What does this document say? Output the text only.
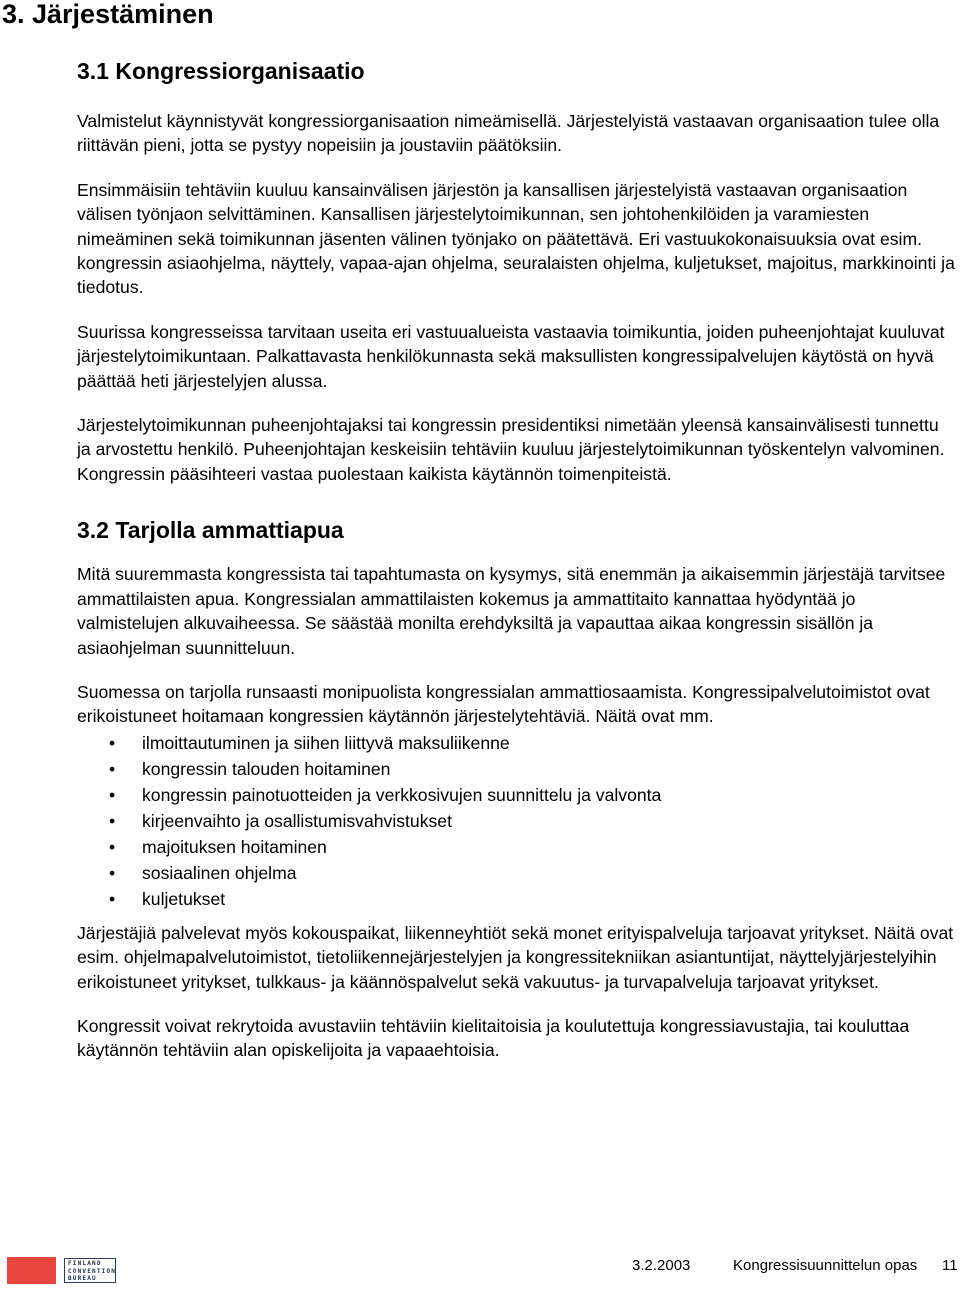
3. Järjestäminen
3.1 Kongressiorganisaatio

Valmistelut käynnistyvät kongressiorganisaation nimeämisellä. Järjestelyistä vastaavan organisaation tulee olla riittävän pieni, jotta se pystyy nopeisiin ja joustaviin päätöksiin.

Ensimmäisiin tehtäviin kuuluu kansainvälisen järjestön ja kansallisen järjestelyistä vastaavan organisaation välisen työnjaon selvittäminen. Kansallisen järjestelytoimikunnan, sen johtohenkilöiden ja varamiesten nimeäminen sekä toimikunnan jäsenten välinen työnjako on päätettävä. Eri vastuukokonaisuuksia ovat esim. kongressin asiaohjelma, näyttely, vapaa-ajan ohjelma, seuralaisten ohjelma, kuljetukset, majoitus, markkinointi ja tiedotus.

Suurissa kongresseissa tarvitaan useita eri vastuualueista vastaavia toimikuntia, joiden puheenjohtajat kuuluvat järjestelytoimikuntaan. Palkattavasta henkilökunnasta sekä maksullisten kongressipalvelujen käytöstä on hyvä päättää heti järjestelyjen alussa.

Järjestelytoimikunnan puheenjohtajaksi tai kongressin presidentiksi nimetään yleensä kansainvälisesti tunnettu ja arvostettu henkilö. Puheenjohtajan keskeisiin tehtäviin kuuluu järjestelytoimikunnan työskentelyn valvominen. Kongressin pääsihteeri vastaa puolestaan kaikista käytännön toimenpiteistä.

3.2 Tarjolla ammattiapua

Mitä suuremmasta kongressista tai tapahtumasta on kysymys, sitä enemmän ja aikaisemmin järjestäjä tarvitsee ammattilaisten apua. Kongressialan ammattilaisten kokemus ja ammattitaito kannattaa hyödyntää jo valmistelujen alkuvaiheessa. Se säästää monilta erehdyksiltä ja vapauttaa aikaa kongressin sisällön ja asiaohjelman suunnitteluun.

Suomessa on tarjolla runsaasti monipuolista kongressialan ammattiosaamista. Kongressipalvelutoimistot ovat erikoistuneet hoitamaan kongressien käytännön järjestelytehtäviä. Näitä ovat mm.

• ilmoittautuminen ja siihen liittyvä maksuliikenne
• kongressin talouden hoitaminen
• kongressin painotuotteiden ja verkkosivujen suunnittelu ja valvonta
• kirjeenvaihto ja osallistumisvahvistukset
• majoituksen hoitaminen
• sosiaalinen ohjelma
• kuljetukset

Järjestäjiä palvelevat myös kokouspaikat, liikenneyhtiöt sekä monet erityispalveluja tarjoavat yritykset. Näitä ovat esim. ohjelmapalvelutoimistot, tietoliikennejärjestelyjen ja kongressitekniikan asiantuntijat, näyttelyjärjestelyihin erikoistuneet yritykset, tulkkaus- ja käännöspalvelut sekä vakuutus- ja turvapalveluja tarjoavat yritykset.

Kongressit voivat rekrytoida avustaviin tehtäviin kielitaitoisia ja koulutettuja kongressiavustajia, tai kouluttaa käytännön tehtäviin alan opiskelijoita ja vapaaehtoisia.

FINLAND
CONVENTION
BUREAU
3.2.2003	Kongressisuunnittelun opas 11
